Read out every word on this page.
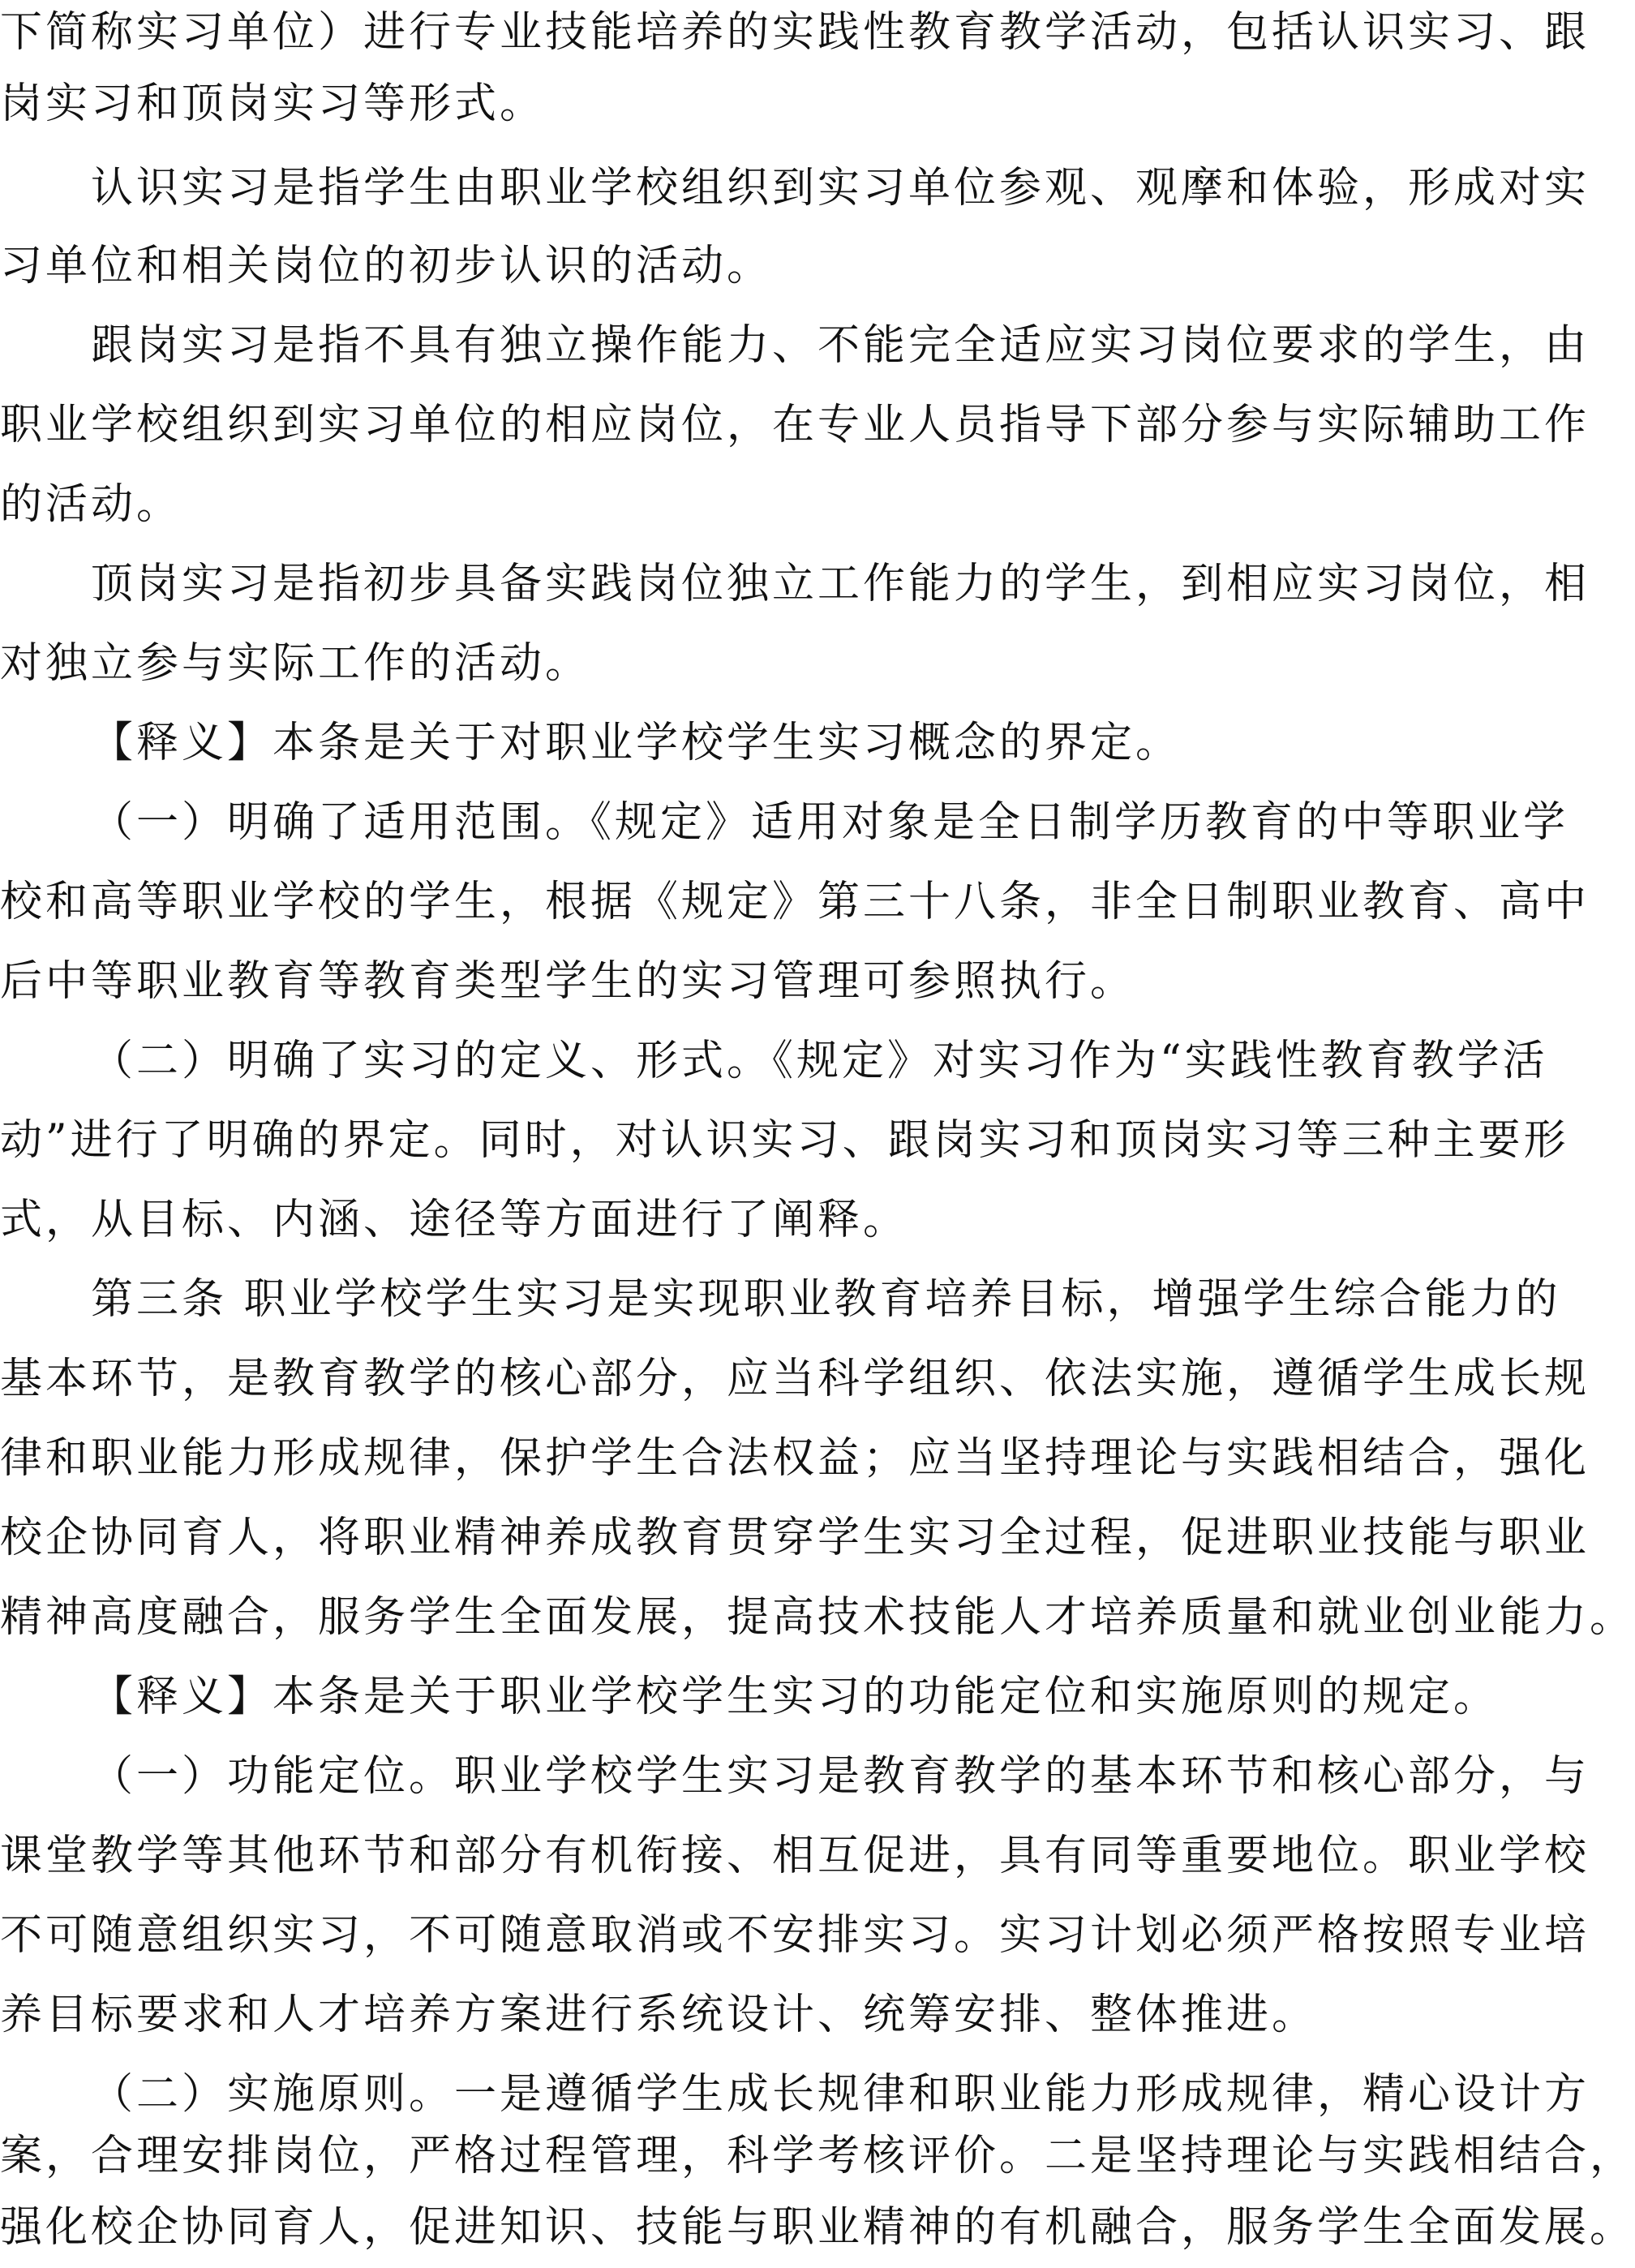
下简称实习单位）进行专业技能培养的实践性教育教学活动，包括认识实习、跟

岗实习和顶岗实习等形式。

认识实习是指学生由职业学校组织到实习单位参观、观摩和体验，形成对实

习单位和相关岗位的初步认识的活动。

跟岗实习是指不具有独立操作能力、不能完全适应实习岗位要求的学生，由

职业学校组织到实习单位的相应岗位，在专业人员指导下部分参与实际辅助工作

的活动。

顶岗实习是指初步具备实践岗位独立工作能力的学生，到相应实习岗位，相

对独立参与实际工作的活动。

【释义】本条是关于对职业学校学生实习概念的界定。

（一）明确了适用范围。《规定》适用对象是全日制学历教育的中等职业学

校和高等职业学校的学生，根据《规定》第三十八条，非全日制职业教育、高中

后中等职业教育等教育类型学生的实习管理可参照执行。

（二）明确了实习的定义、形式。《规定》对实习作为“实践性教育教学活

动”进行了明确的界定。同时，对认识实习、跟岗实习和顶岗实习等三种主要形

式，从目标、内涵、途径等方面进行了阐释。

第三条 职业学校学生实习是实现职业教育培养目标，增强学生综合能力的

基本环节，是教育教学的核心部分，应当科学组织、依法实施，遵循学生成长规

律和职业能力形成规律，保护学生合法权益；应当坚持理论与实践相结合，强化

校企协同育人，将职业精神养成教育贯穿学生实习全过程，促进职业技能与职业

精神高度融合，服务学生全面发展，提高技术技能人才培养质量和就业创业能力。

【释义】本条是关于职业学校学生实习的功能定位和实施原则的规定。

（一）功能定位。职业学校学生实习是教育教学的基本环节和核心部分，与

课堂教学等其他环节和部分有机衔接、相互促进，具有同等重要地位。职业学校

不可随意组织实习，不可随意取消或不安排实习。实习计划必须严格按照专业培

养目标要求和人才培养方案进行系统设计、统筹安排、整体推进。

（二）实施原则。一是遵循学生成长规律和职业能力形成规律，精心设计方

案，合理安排岗位，严格过程管理，科学考核评价。二是坚持理论与实践相结合，

强化校企协同育人，促进知识、技能与职业精神的有机融合，服务学生全面发展。
